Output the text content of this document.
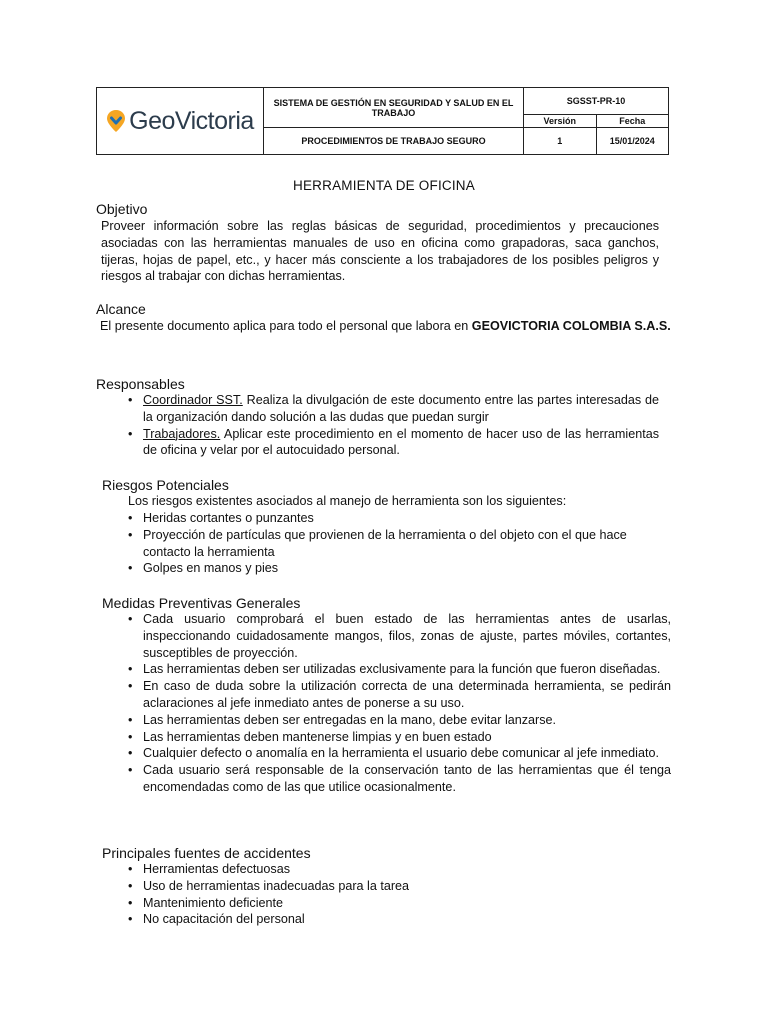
GeoVictoria	SISTEMA DE GESTIÓN EN SEGURIDAD Y SALUD EN EL TRABAJO	SGSST-PR-10	
		Versión	Fecha
	PROCEDIMIENTOS DE TRABAJO SEGURO	1	15/01/2024
HERRAMIENTA DE OFICINA
Objetivo

Proveer información sobre las reglas básicas de seguridad, procedimientos y precauciones asociadas con las herramientas manuales de uso en oficina como grapadoras, saca ganchos, tijeras, hojas de papel, etc., y hacer más consciente a los trabajadores de los posibles peligros y riesgos al trabajar con dichas herramientas.

Alcance

El presente documento aplica para todo el personal que labora en GEOVICTORIA COLOMBIA S.A.S.

Responsables
• Coordinador SST. Realiza la divulgación de este documento entre las partes interesadas de la organización dando solución a las dudas que puedan surgir
• Trabajadores. Aplicar este procedimiento en el momento de hacer uso de las herramientas de oficina y velar por el autocuidado personal.
Riesgos Potenciales
Los riesgos existentes asociados al manejo de herramienta son los siguientes:
• Heridas cortantes o punzantes
• Proyección de partículas que provienen de la herramienta o del objeto con el que hace contacto la herramienta
• Golpes en manos y pies
Medidas Preventivas Generales
• Cada usuario comprobará el buen estado de las herramientas antes de usarlas, inspeccionando cuidadosamente mangos, filos, zonas de ajuste, partes móviles, cortantes, susceptibles de proyección.
• Las herramientas deben ser utilizadas exclusivamente para la función que fueron diseñadas.
• En caso de duda sobre la utilización correcta de una determinada herramienta, se pedirán aclaraciones al jefe inmediato antes de ponerse a su uso.
• Las herramientas deben ser entregadas en la mano, debe evitar lanzarse.
• Las herramientas deben mantenerse limpias y en buen estado
• Cualquier defecto o anomalía en la herramienta el usuario debe comunicar al jefe inmediato.
• Cada usuario será responsable de la conservación tanto de las herramientas que él tenga encomendadas como de las que utilice ocasionalmente.
Principales fuentes de accidentes
• Herramientas defectuosas
• Uso de herramientas inadecuadas para la tarea
• Mantenimiento deficiente
• No capacitación del personal
